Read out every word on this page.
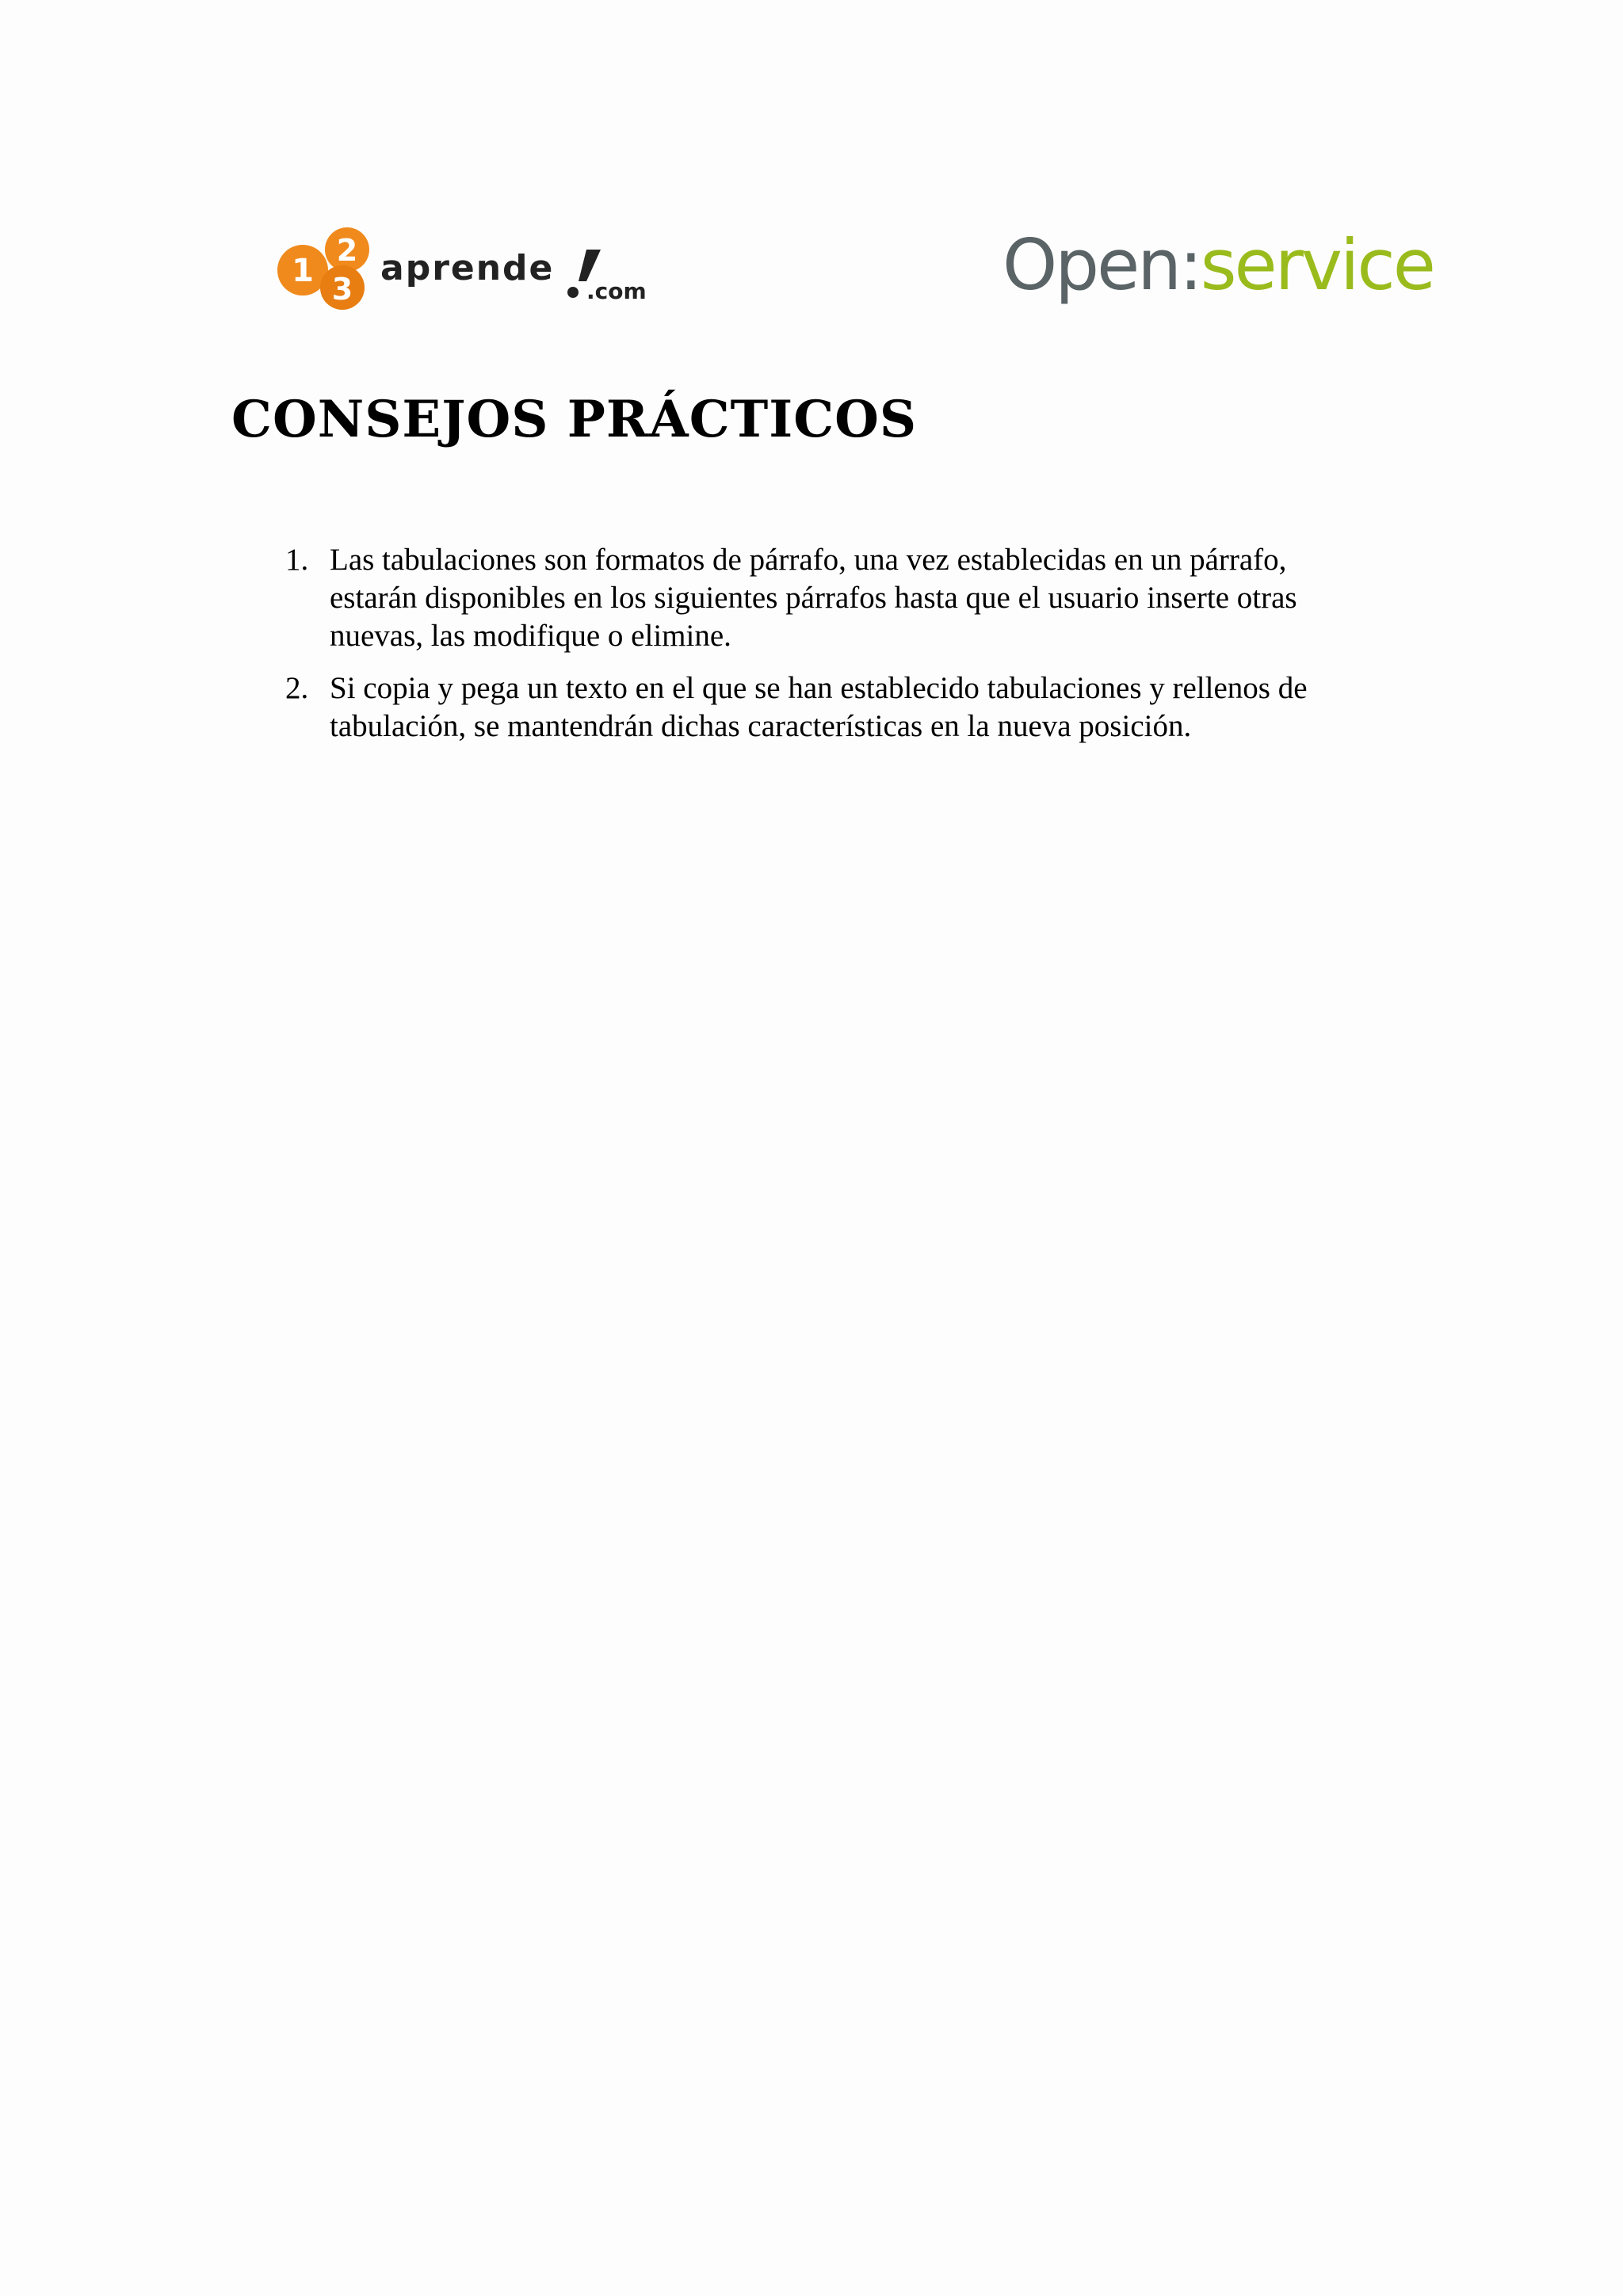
1
2
3
aprende
.com	Open:service
CONSEJOS PRÁCTICOS
1. Las tabulaciones son formatos de párrafo, una vez establecidas en un párrafo, estarán disponibles en los siguientes párrafos hasta que el usuario inserte otras nuevas, las modifique o elimine.
2. Si copia y pega un texto en el que se han establecido tabulaciones y rellenos de tabulación, se mantendrán dichas características en la nueva posición.
